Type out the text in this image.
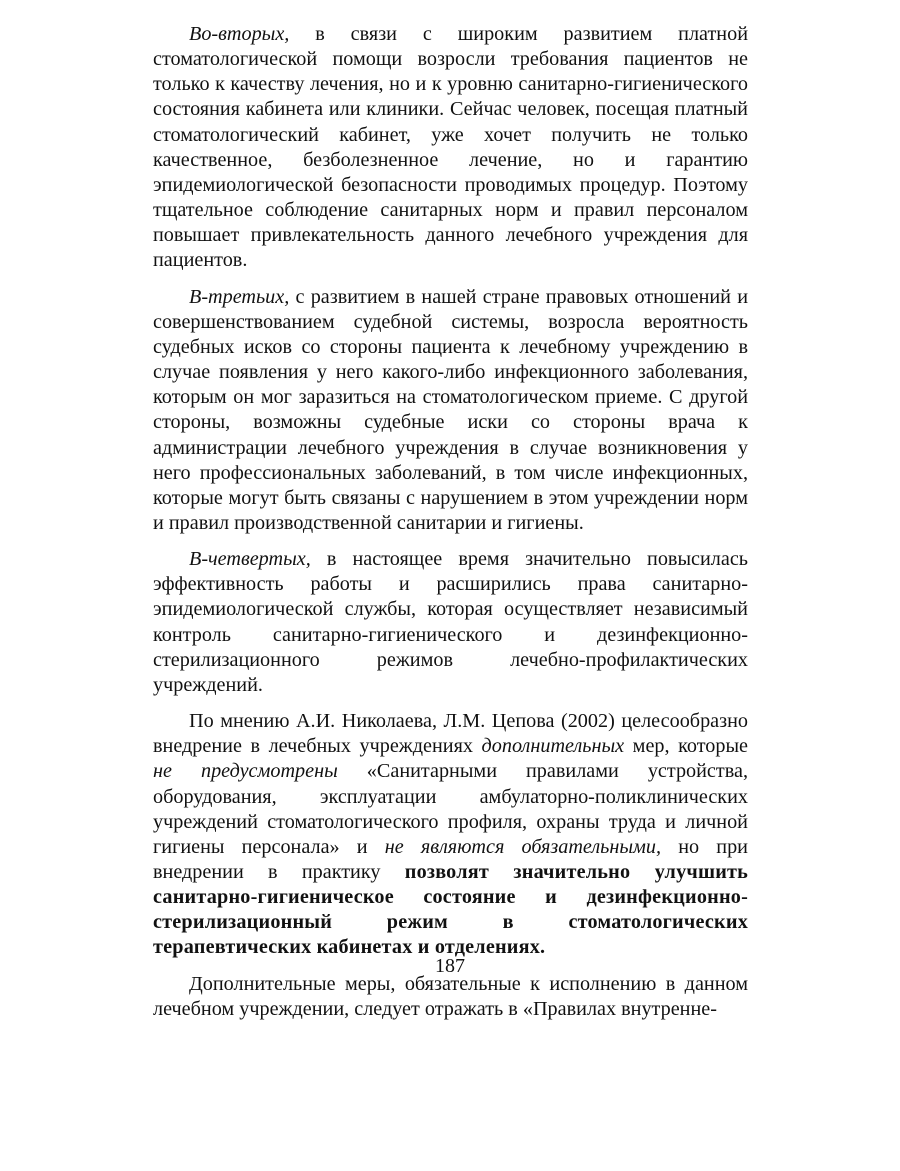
Во-вторых, в связи с широким развитием платной стоматологической помощи возросли требования пациентов не только к качеству лечения, но и к уровню санитарно-гигиенического состояния кабинета или клиники. Сейчас человек, посещая платный стоматологический кабинет, уже хочет получить не только качественное, безболезненное лечение, но и гарантию эпидемиологической безопасности проводимых процедур. Поэтому тщательное соблюдение санитарных норм и правил персоналом повышает привлекательность данного лечебного учреждения для пациентов.

В-третьих, с развитием в нашей стране правовых отношений и совершенствованием судебной системы, возросла вероятность судебных исков со стороны пациента к лечебному учреждению в случае появления у него какого-либо инфекционного заболевания, которым он мог заразиться на стоматологическом приеме. С другой стороны, возможны судебные иски со стороны врача к администрации лечебного учреждения в случае возникновения у него профессиональных заболеваний, в том числе инфекционных, которые могут быть связаны с нарушением в этом учреждении норм и правил производственной санитарии и гигиены.

В-четвертых, в настоящее время значительно повысилась эффективность работы и расширились права санитарно-эпидемиологической службы, которая осуществляет независимый контроль санитарно-гигиенического и дезинфекционно-стерилизационного режимов лечебно-профилактических учреждений.

По мнению А.И. Николаева, Л.М. Цепова (2002) целесообразно внедрение в лечебных учреждениях дополнительных мер, которые не предусмотрены «Санитарными правилами устройства, оборудования, эксплуатации амбулаторно-поликлинических учреждений стоматологического профиля, охраны труда и личной гигиены персонала» и не являются обязательными, но при внедрении в практику позволят значительно улучшить санитарно-гигиеническое состояние и дезинфекционно-стерилизационный режим в стоматологических терапевтических кабинетах и отделениях.

Дополнительные меры, обязательные к исполнению в данном лечебном учреждении, следует отражать в «Правилах внутренне-

187
